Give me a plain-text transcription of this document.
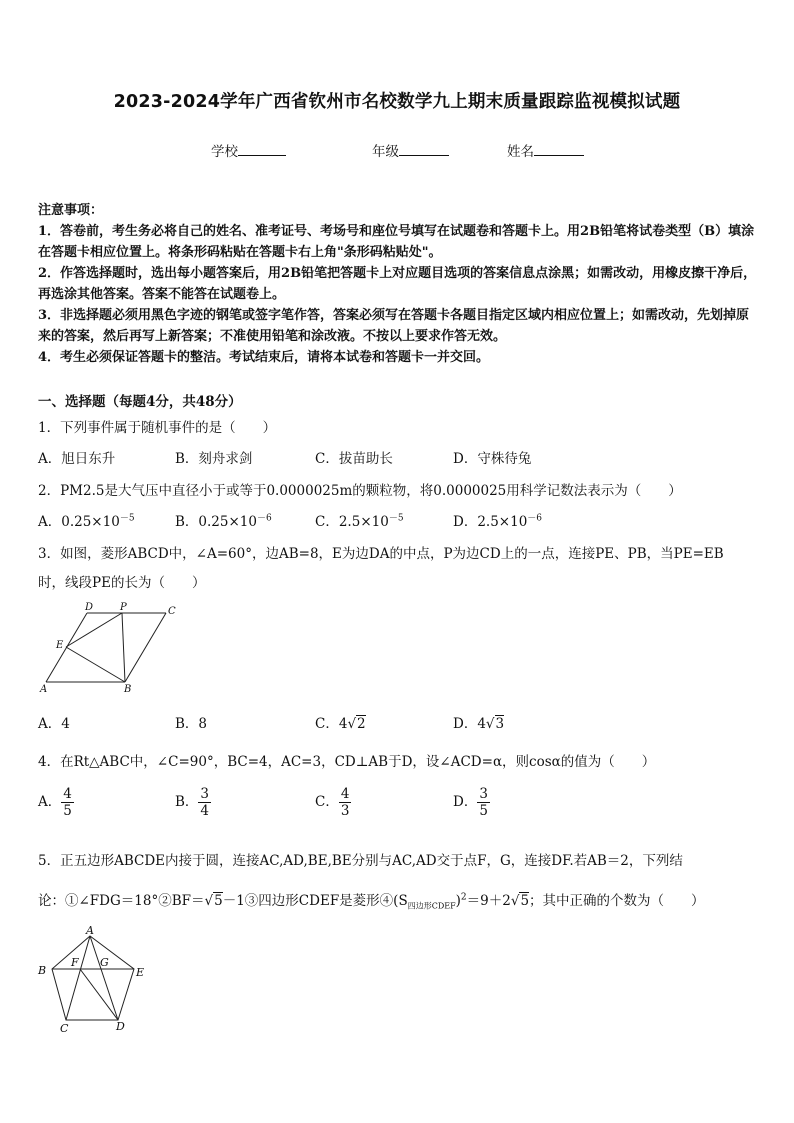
2023-2024学年广西省钦州市名校数学九上期末质量跟踪监视模拟试题
学校	年级	姓名

注意事项：

1．答卷前，考生务必将自己的姓名、准考证号、考场号和座位号填写在试题卷和答题卡上。用2B铅笔将试卷类型（B）填涂在答题卡相应位置上。将条形码粘贴在答题卡右上角"条形码粘贴处"。

2．作答选择题时，选出每小题答案后，用2B铅笔把答题卡上对应题目选项的答案信息点涂黑；如需改动，用橡皮擦干净后，再选涂其他答案。答案不能答在试题卷上。

3．非选择题必须用黑色字迹的钢笔或签字笔作答，答案必须写在答题卡各题目指定区域内相应位置上；如需改动，先划掉原来的答案，然后再写上新答案；不准使用铅笔和涂改液。不按以上要求作答无效。

4．考生必须保证答题卡的整洁。考试结束后，请将本试卷和答题卡一并交回。

一、选择题（每题4分，共48分）
1．下列事件属于随机事件的是（　　）
A．旭日东升	B．刻舟求剑	C．拔苗助长	D．守株待兔
2．PM2.5是大气压中直径小于或等于0.0000025m的颗粒物，将0.0000025用科学记数法表示为（　　）
A．$0.25\times 10^{-5}$	B．$0.25\times 10^{-6}$	C．$2.5\times 10^{-5}$	D．$2.5\times 10^{-6}$
3．如图，菱形ABCD中，∠A=60°，边AB=8，E为边DA的中点，P为边CD上的一点，连接PE、PB，当PE=EB
时，线段PE的长为（　　）
A	B
C
D
E
P
A．4	B．8	C．4√2	D．4√3
4．在Rt△ABC中，∠C=90°，BC=4，AC=3，CD⊥AB于D，设∠ACD=α，则cosα的值为（　　）
A． $\frac{4}{5}$	B． $\frac{3}{4}$	C． $\frac{4}{3}$	D． $\frac{3}{5}$
5．正五边形ABCDE内接于圆，连接AC,AD,BE,BE分别与AC,AD交于点F，G，连接DF.若AB＝2，下列结
论：①∠FDG＝18°②BF＝√5－1③四边形CDEF是菱形$④(S_{四边形CDEF})^2=9+2√5$；其中正确的个数为（　　）
A
B
C	D
E
F G
